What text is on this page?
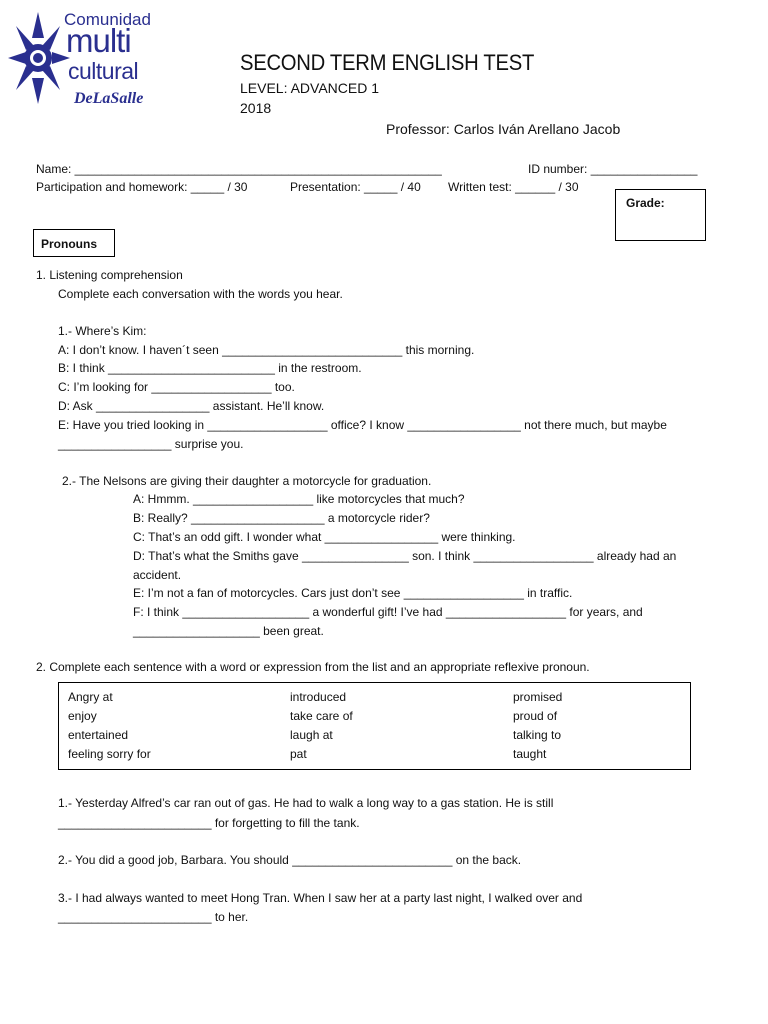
Comunidad
multi
cultural
DeLaSalle
SECOND TERM ENGLISH TEST
LEVEL: ADVANCED 1
2018
Professor: Carlos Iván Arellano Jacob
Name: _______________________________________________________	ID number: ________________
Participation and homework: _____ / 30	Presentation: _____ / 40 Written test: ______ / 30
Grade:
Pronouns
1. Listening comprehension
Complete each conversation with the words you hear.
1.- Where’s Kim:
A: I don’t know. I haven´t seen ___________________________ this morning.
B: I think _________________________ in the restroom.
C: I’m looking for __________________ too.
D: Ask _________________ assistant. He’ll know.
E: Have you tried looking in __________________ office? I know _________________ not there much, but maybe
_________________ surprise you.
2.- The Nelsons are giving their daughter a motorcycle for graduation.
A: Hmmm. __________________ like motorcycles that much?
B: Really? ____________________ a motorcycle rider?
C: That’s an odd gift. I wonder what _________________ were thinking.
D: That’s what the Smiths gave ________________ son. I think __________________ already had an
accident.
E: I’m not a fan of motorcycles. Cars just don’t see __________________ in traffic.
F: I think ___________________ a wonderful gift! I’ve had __________________ for years, and
___________________ been great.
2. Complete each sentence with a word or expression from the list and an appropriate reflexive pronoun.
Angry at
enjoy
entertained
feeling sorry for
introduced
take care of
laugh at
pat
promised
proud of
talking to
taught
1.- Yesterday Alfred’s car ran out of gas. He had to walk a long way to a gas station. He is still
_______________________ for forgetting to fill the tank.
2.- You did a good job, Barbara. You should ________________________ on the back.
3.- I had always wanted to meet Hong Tran. When I saw her at a party last night, I walked over and
_______________________ to her.
